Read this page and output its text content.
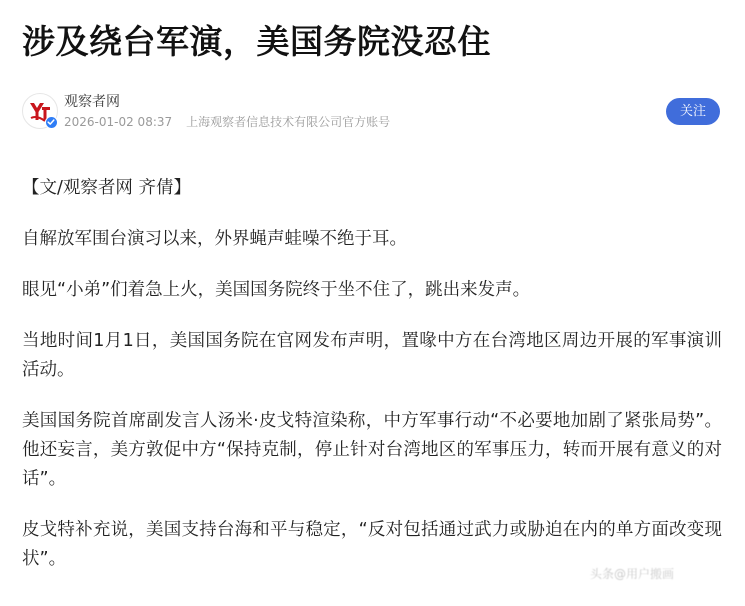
涉及绕台军演，美国务院没忍住
观察者网
2026-01-02 08:37 上海观察者信息技术有限公司官方账号
关注

【文/观察者网 齐倩】

自解放军围台演习以来，外界蝇声蛙噪不绝于耳。

眼见“小弟”们着急上火，美国国务院终于坐不住了，跳出来发声。

当地时间1月1日，美国国务院在官网发布声明，置喙中方在台湾地区周边开展的军事演训活动。

美国国务院首席副发言人汤米·皮戈特渲染称，中方军事行动“不必要地加剧了紧张局势”。他还妄言，美方敦促中方“保持克制，停止针对台湾地区的军事压力，转而开展有意义的对话”。

皮戈特补充说，美国支持台海和平与稳定，“反对包括通过武力或胁迫在内的单方面改变现状”。

头条@用户搬画
